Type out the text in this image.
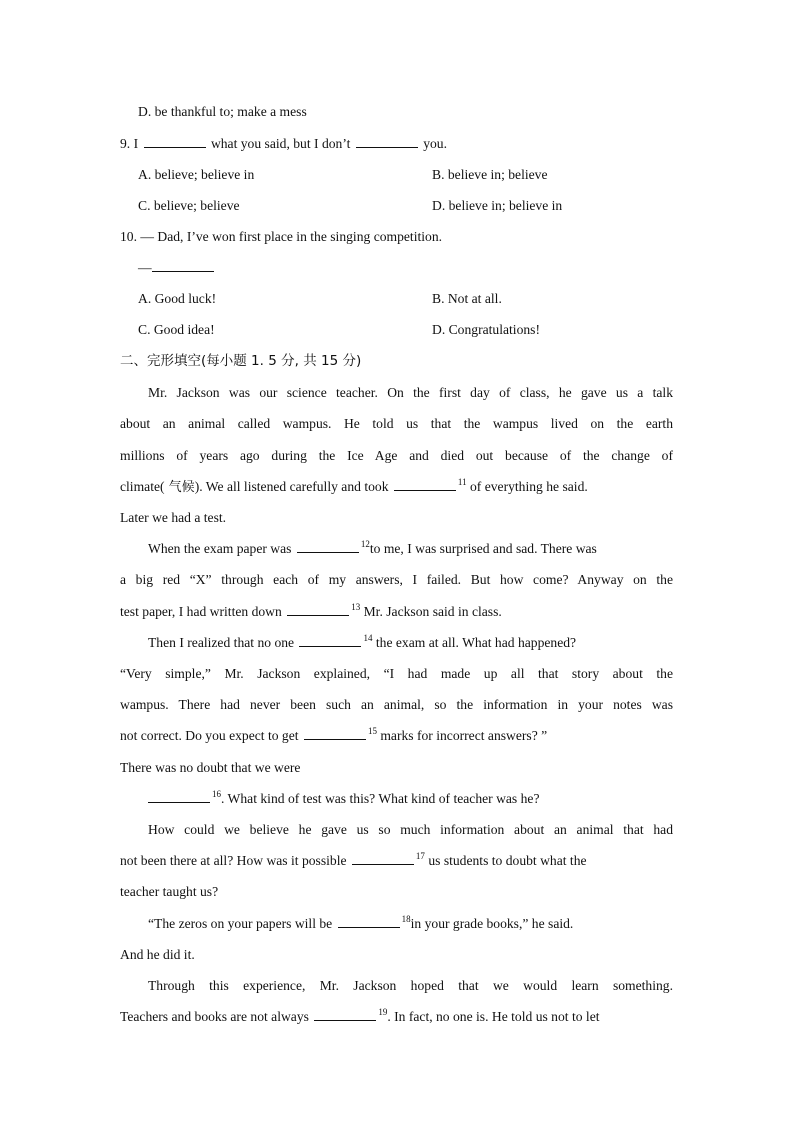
D. be thankful to; make a mess
9. I	what you said, but I don’t	you.
A. believe; believe in	B. believe in; believe
C. believe; believe	D. believe in; believe in
10. — Dad, I’ve won first place in the singing competition.
—
A. Good luck!	B. Not at all.
C. Good idea!	D. Congratulations!
二、完形填空(每小题 1. 5 分, 共 15 分)
Mr. Jackson was our science teacher. On the first day of class, he gave us a talk
about an animal called wampus. He told us that the wampus lived on the earth
millions of years ago during the Ice Age and died out because of the change of
climate( 气候). We all listened carefully and took	$^{11}$ of everything he said.
Later we had a test.
When the exam paper was	$^{12}$to me, I was surprised and sad. There was
a big red “X” through each of my answers, I failed. But how come? Anyway on the
test paper, I had written down	$^{13}$ Mr. Jackson said in class.
Then I realized that no one	$^{14}$ the exam at all. What had happened?
“Very simple,” Mr. Jackson explained, “I had made up all that story about the
wampus. There had never been such an animal, so the information in your notes was
not correct. Do you expect to get	$^{15}$ marks for incorrect answers? ”
There was no doubt that we were
$^{16}$. What kind of test was this? What kind of teacher was he?
How could we believe he gave us so much information about an animal that had
not been there at all? How was it possible	$^{17}$ us students to doubt what the
teacher taught us?
“The zeros on your papers will be	$^{18}$in your grade books,” he said.
And he did it.
Through this experience, Mr. Jackson hoped that we would learn something.
Teachers and books are not always	$^{19}$. In fact, no one is. He told us not to let
